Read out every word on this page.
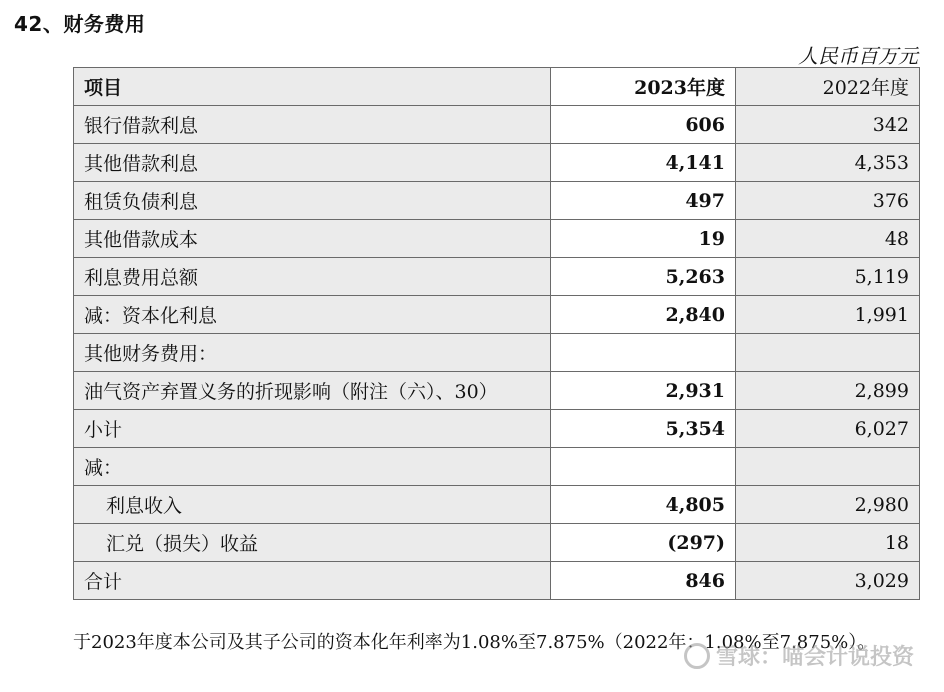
42、财务费用
人民币百万元
项目	2023年度	2022年度
银行借款利息	606	342
其他借款利息	4,141	4,353
租赁负债利息	497	376
其他借款成本	19	48
利息费用总额	5,263	5,119
减：资本化利息	2,840	1,991
其他财务费用：		
油气资产弃置义务的折现影响（附注（六）、30）	2,931	2,899
小计	5,354	6,027
减：		
利息收入	4,805	2,980
汇兑（损失）收益	(297)	18
合计	846	3,029
于2023年度本公司及其子公司的资本化年利率为1.08%至7.875%（2022年：1.08%至7.875%）。
雪球：喵会计说投资
